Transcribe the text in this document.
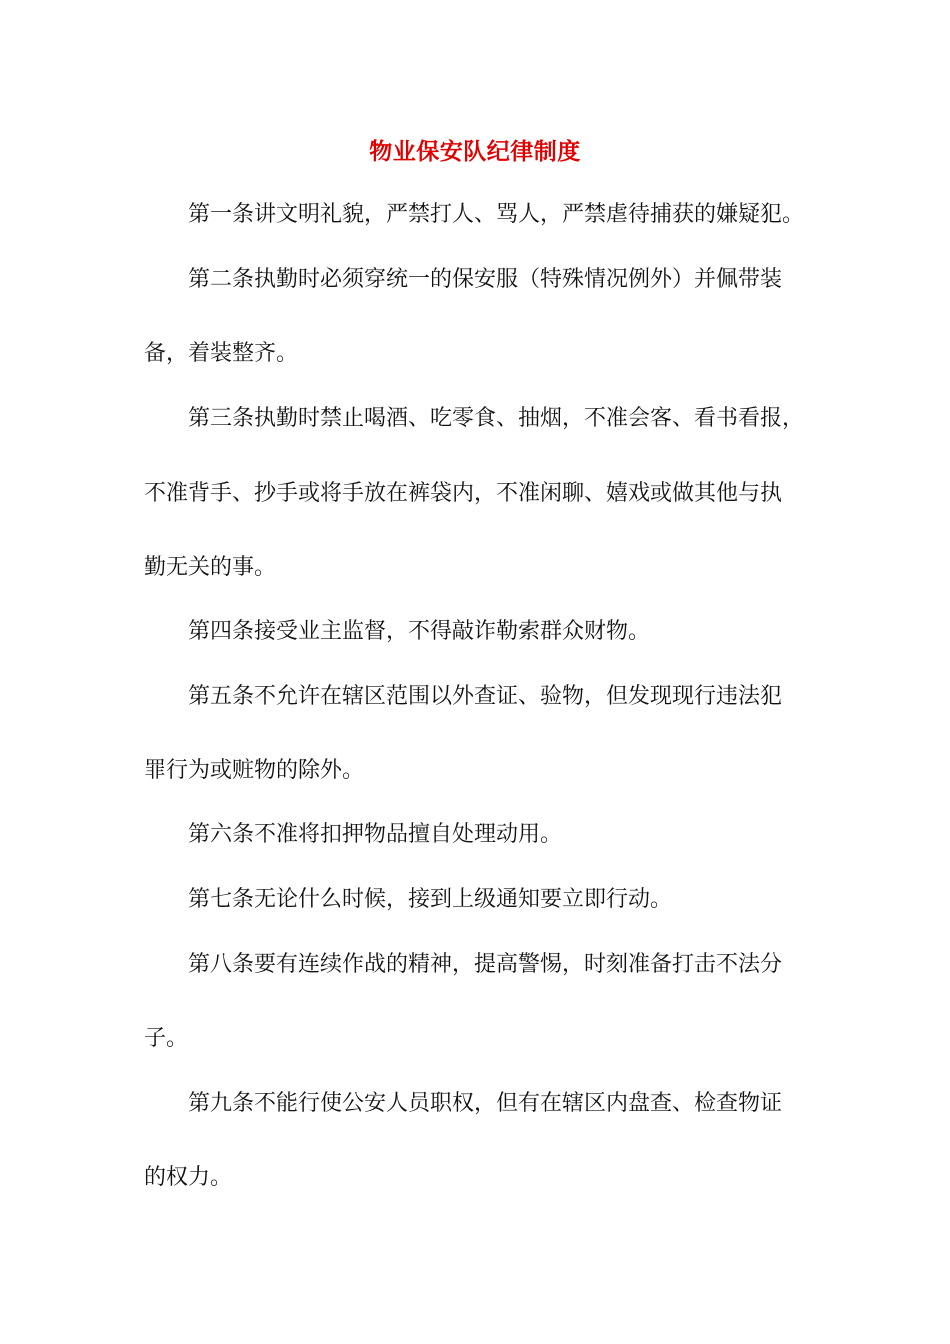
物业保安队纪律制度
第一条讲文明礼貌，严禁打人、骂人，严禁虐待捕获的嫌疑犯。
第二条执勤时必须穿统一的保安服（特殊情况例外）并佩带装
备，着装整齐。
第三条执勤时禁止喝酒、吃零食、抽烟，不准会客、看书看报，
不准背手、抄手或将手放在裤袋内，不准闲聊、嬉戏或做其他与执
勤无关的事。
第四条接受业主监督，不得敲诈勒索群众财物。
第五条不允许在辖区范围以外查证、验物，但发现现行违法犯
罪行为或赃物的除外。
第六条不准将扣押物品擅自处理动用。
第七条无论什么时候，接到上级通知要立即行动。
第八条要有连续作战的精神，提高警惕，时刻准备打击不法分
子。
第九条不能行使公安人员职权，但有在辖区内盘查、检查物证
的权力。
